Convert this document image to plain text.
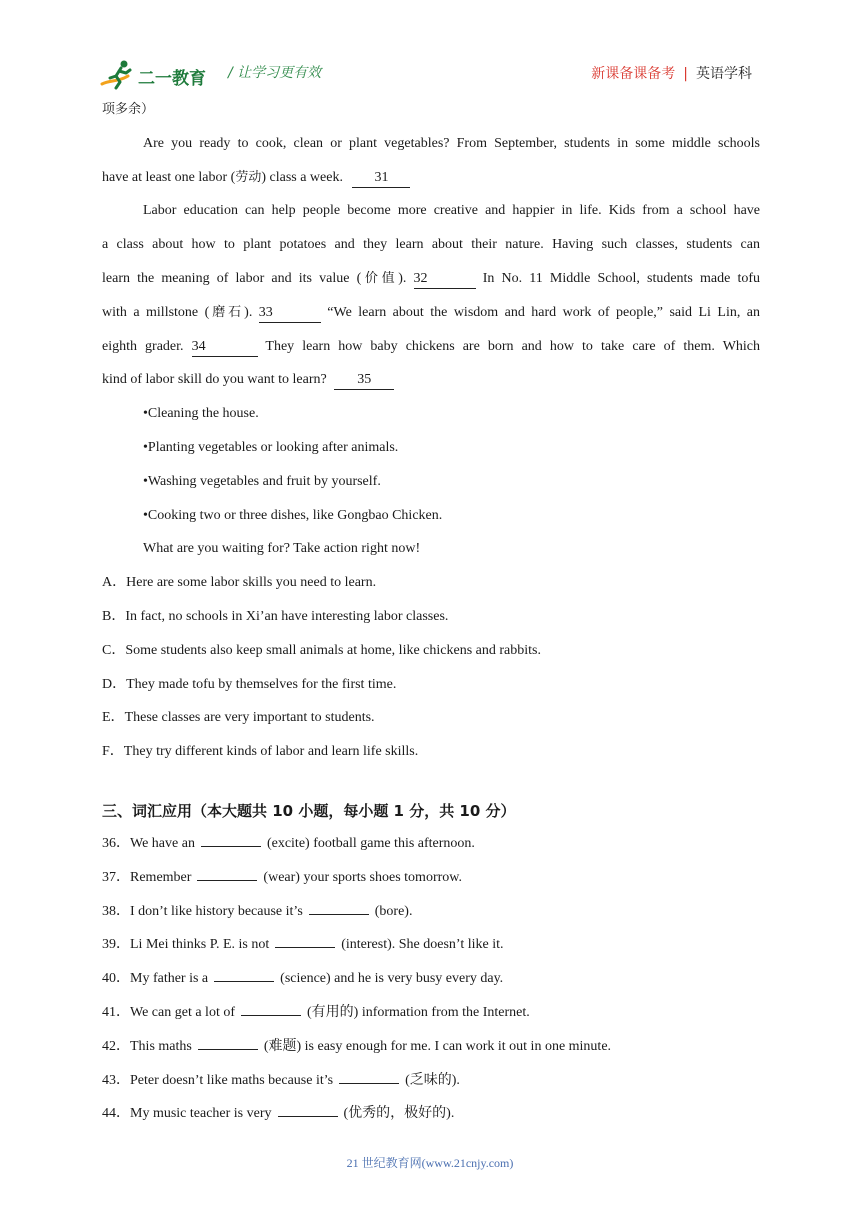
二一教育 / 让学习更有效	新课备课备考 | 英语学科
项多余）
Are you ready to cook, clean or plant vegetables? From September, students in some middle schools
have at least one labor (劳动) class a week. 31
Labor education can help people become more creative and happier in life. Kids from a school have
a class about how to plant potatoes and they learn about their nature. Having such classes, students can
learn the meaning of labor and its value (价值). 32	In No. 11 Middle School, students made tofu
with a millstone (磨石). 33	“We learn about the wisdom and hard work of people,” said Li Lin, an
eighth grader. 34	They learn how baby chickens are born and how to take care of them. Which
kind of labor skill do you want to learn? 35
•Cleaning the house.
•Planting vegetables or looking after animals.
•Washing vegetables and fruit by yourself.
•Cooking two or three dishes, like Gongbao Chicken.
What are you waiting for? Take action right now!
A．Here are some labor skills you need to learn.
B．In fact, no schools in Xi’an have interesting labor classes.
C．Some students also keep small animals at home, like chickens and rabbits.
D．They made tofu by themselves for the first time.
E．These classes are very important to students.
F．They try different kinds of labor and learn life skills.
三、词汇应用（本大题共 10 小题，每小题 1 分，共 10 分）
36．We have an	(excite) football game this afternoon.
37．Remember	(wear) your sports shoes tomorrow.
38．I don’t like history because it’s	(bore).
39．Li Mei thinks P. E. is not	(interest). She doesn’t like it.
40．My father is a	(science) and he is very busy every day.
41．We can get a lot of	(有用的) information from the Internet.
42．This maths	(难题) is easy enough for me. I can work it out in one minute.
43．Peter doesn’t like maths because it’s	(乏味的).
44．My music teacher is very	(优秀的，极好的).
21 世纪教育网(www.21cnjy.com)
